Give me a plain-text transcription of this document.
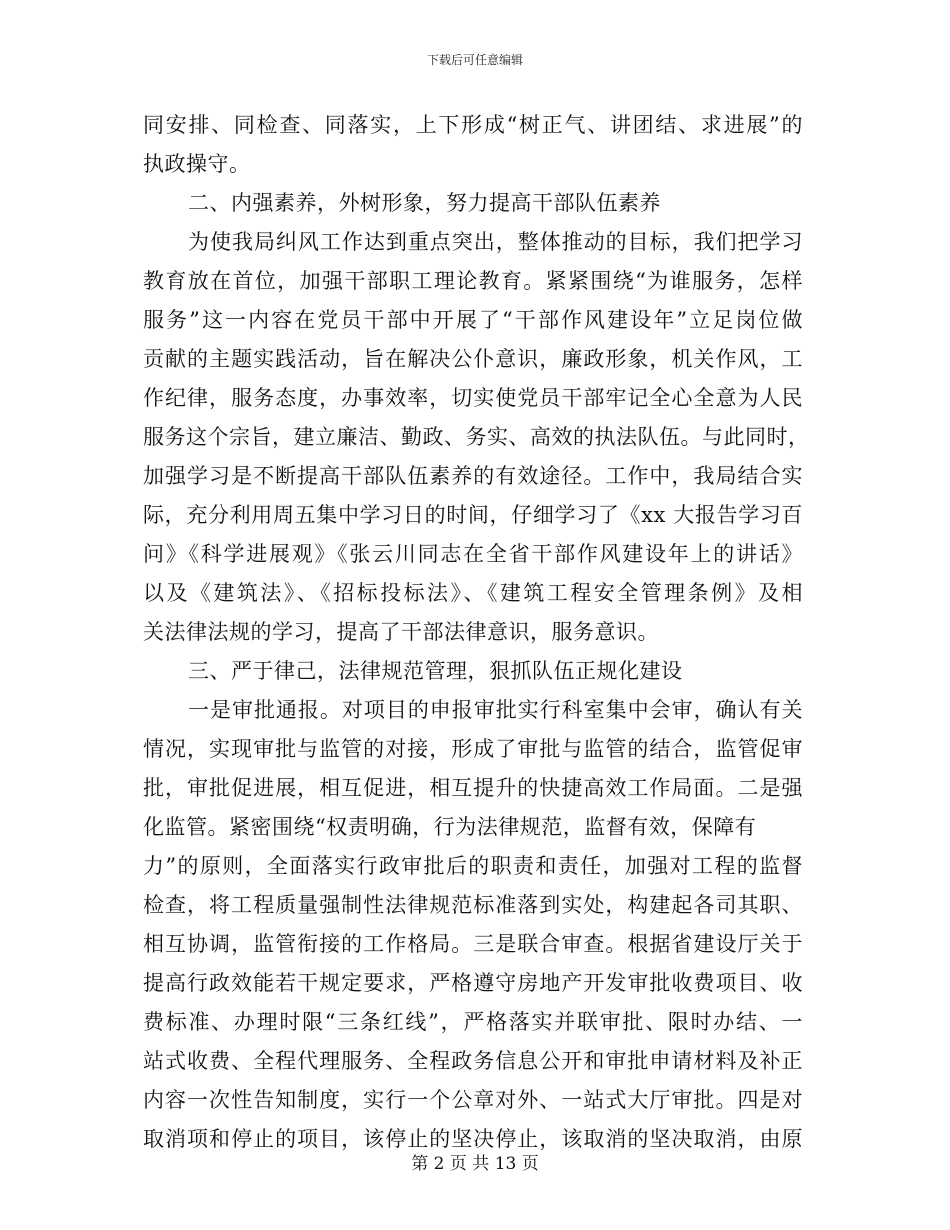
下载后可任意编辑
同安排、同检查、同落实，上下形成“树正气、讲团结、求进展”的
执政操守。
二、内强素养，外树形象，努力提高干部队伍素养
为使我局纠风工作达到重点突出，整体推动的目标，我们把学习
教育放在首位，加强干部职工理论教育。紧紧围绕“为谁服务，怎样
服务”这一内容在党员干部中开展了“干部作风建设年”立足岗位做
贡献的主题实践活动，旨在解决公仆意识，廉政形象，机关作风，工
作纪律，服务态度，办事效率，切实使党员干部牢记全心全意为人民
服务这个宗旨，建立廉洁、勤政、务实、高效的执法队伍。与此同时，
加强学习是不断提高干部队伍素养的有效途径。工作中，我局结合实
际，充分利用周五集中学习日的时间，仔细学习了《xx 大报告学习百
问》《科学进展观》《张云川同志在全省干部作风建设年上的讲话》
以及《建筑法》、《招标投标法》、《建筑工程安全管理条例》及相
关法律法规的学习，提高了干部法律意识，服务意识。
三、严于律己，法律规范管理，狠抓队伍正规化建设
一是审批通报。对项目的申报审批实行科室集中会审，确认有关
情况，实现审批与监管的对接，形成了审批与监管的结合，监管促审
批，审批促进展，相互促进，相互提升的快捷高效工作局面。二是强
化监管。紧密围绕“权责明确，行为法律规范，监督有效，保障有
力”的原则，全面落实行政审批后的职责和责任，加强对工程的监督
检查，将工程质量强制性法律规范标准落到实处，构建起各司其职、
相互协调，监管衔接的工作格局。三是联合审查。根据省建设厅关于
提高行政效能若干规定要求，严格遵守房地产开发审批收费项目、收
费标准、办理时限“三条红线”，严格落实并联审批、限时办结、一
站式收费、全程代理服务、全程政务信息公开和审批申请材料及补正
内容一次性告知制度，实行一个公章对外、一站式大厅审批。四是对
取消项和停止的项目，该停止的坚决停止，该取消的坚决取消，由原
第 2 页 共 13 页
